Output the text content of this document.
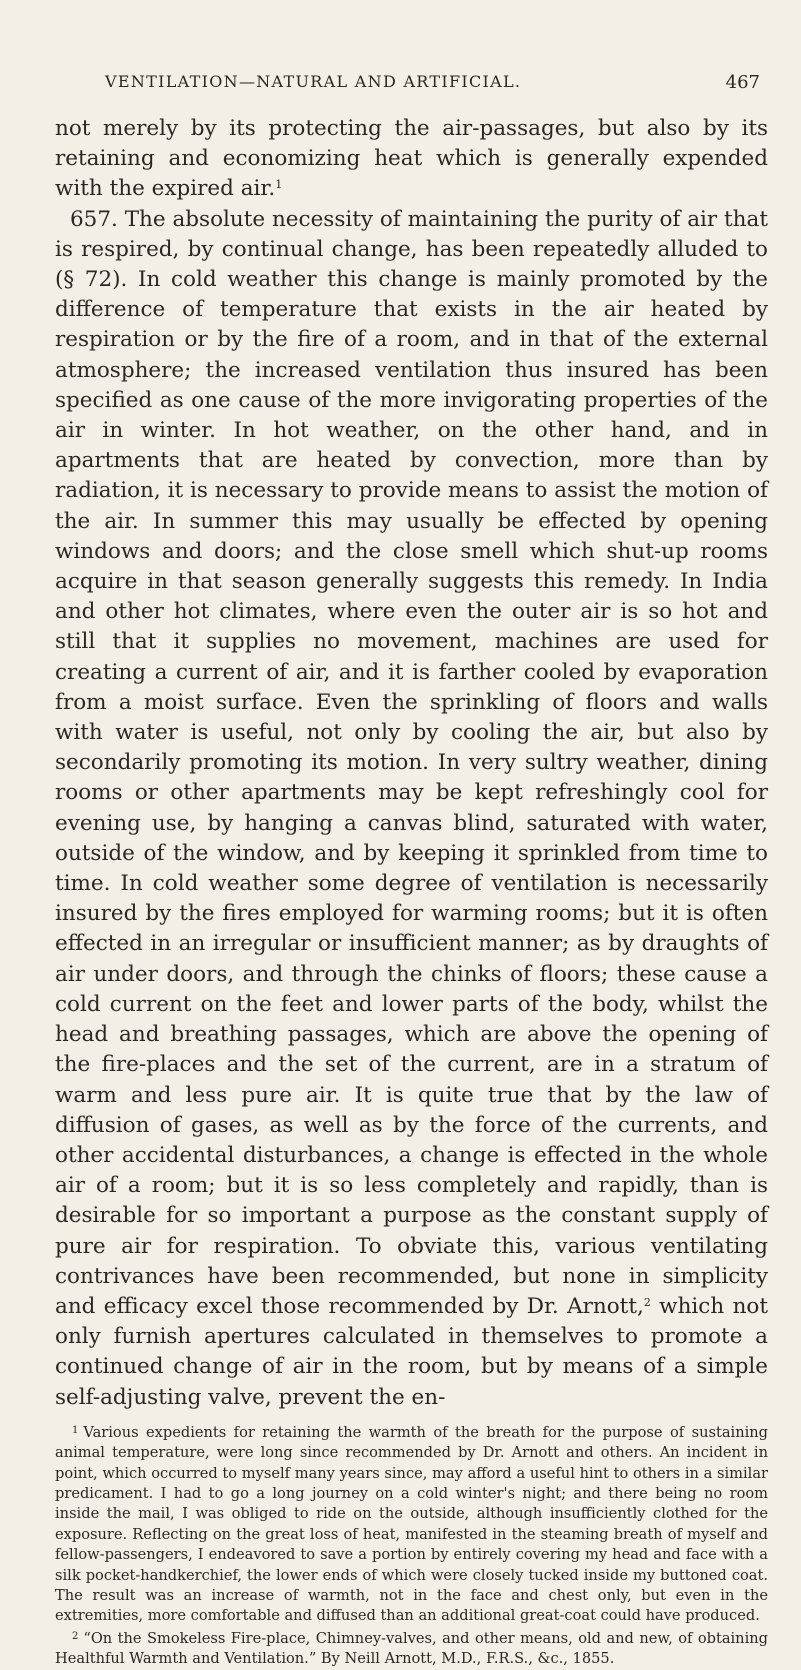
VENTILATION—NATURAL AND ARTIFICIAL.	467

not merely by its protecting the air-passages, but also by its retaining and economizing heat which is generally expended with the expired air.$^1$

657. The absolute necessity of maintaining the purity of air that is respired, by continual change, has been repeatedly alluded to (§ 72). In cold weather this change is mainly promoted by the difference of temperature that exists in the air heated by respiration or by the fire of a room, and in that of the external atmosphere; the increased ventilation thus insured has been specified as one cause of the more invigorating properties of the air in winter. In hot weather, on the other hand, and in apartments that are heated by convection, more than by radiation, it is necessary to provide means to assist the motion of the air. In summer this may usually be effected by opening windows and doors; and the close smell which shut-up rooms acquire in that season generally suggests this remedy. In India and other hot climates, where even the outer air is so hot and still that it supplies no movement, machines are used for creating a current of air, and it is farther cooled by evaporation from a moist surface. Even the sprinkling of floors and walls with water is useful, not only by cooling the air, but also by secondarily promoting its motion. In very sultry weather, dining rooms or other apartments may be kept refreshingly cool for evening use, by hanging a canvas blind, saturated with water, outside of the window, and by keeping it sprinkled from time to time. In cold weather some degree of ventilation is necessarily insured by the fires employed for warming rooms; but it is often effected in an irregular or insufficient manner; as by draughts of air under doors, and through the chinks of floors; these cause a cold current on the feet and lower parts of the body, whilst the head and breathing passages, which are above the opening of the fire-places and the set of the current, are in a stratum of warm and less pure air. It is quite true that by the law of diffusion of gases, as well as by the force of the currents, and other accidental disturbances, a change is effected in the whole air of a room; but it is so less completely and rapidly, than is desirable for so important a purpose as the constant supply of pure air for respiration. To obviate this, various ventilating contrivances have been recommended, but none in simplicity and efficacy excel those recommended by Dr. Arnott,$^2$ which not only furnish apertures calculated in themselves to promote a continued change of air in the room, but by means of a simple self-adjusting valve, prevent the en-

$^1$ Various expedients for retaining the warmth of the breath for the purpose of sustaining animal temperature, were long since recommended by Dr. Arnott and others. An incident in point, which occurred to myself many years since, may afford a useful hint to others in a similar predicament. I had to go a long journey on a cold winter's night; and there being no room inside the mail, I was obliged to ride on the outside, although insufficiently clothed for the exposure. Reflecting on the great loss of heat, manifested in the steaming breath of myself and fellow-passengers, I endeavored to save a portion by entirely covering my head and face with a silk pocket-handkerchief, the lower ends of which were closely tucked inside my buttoned coat. The result was an increase of warmth, not in the face and chest only, but even in the extremities, more comfortable and diffused than an additional great-coat could have produced.

$^2$ “On the Smokeless Fire-place, Chimney-valves, and other means, old and new, of obtaining Healthful Warmth and Ventilation.” By Neill Arnott, M.D., F.R.S., &c., 1855.
